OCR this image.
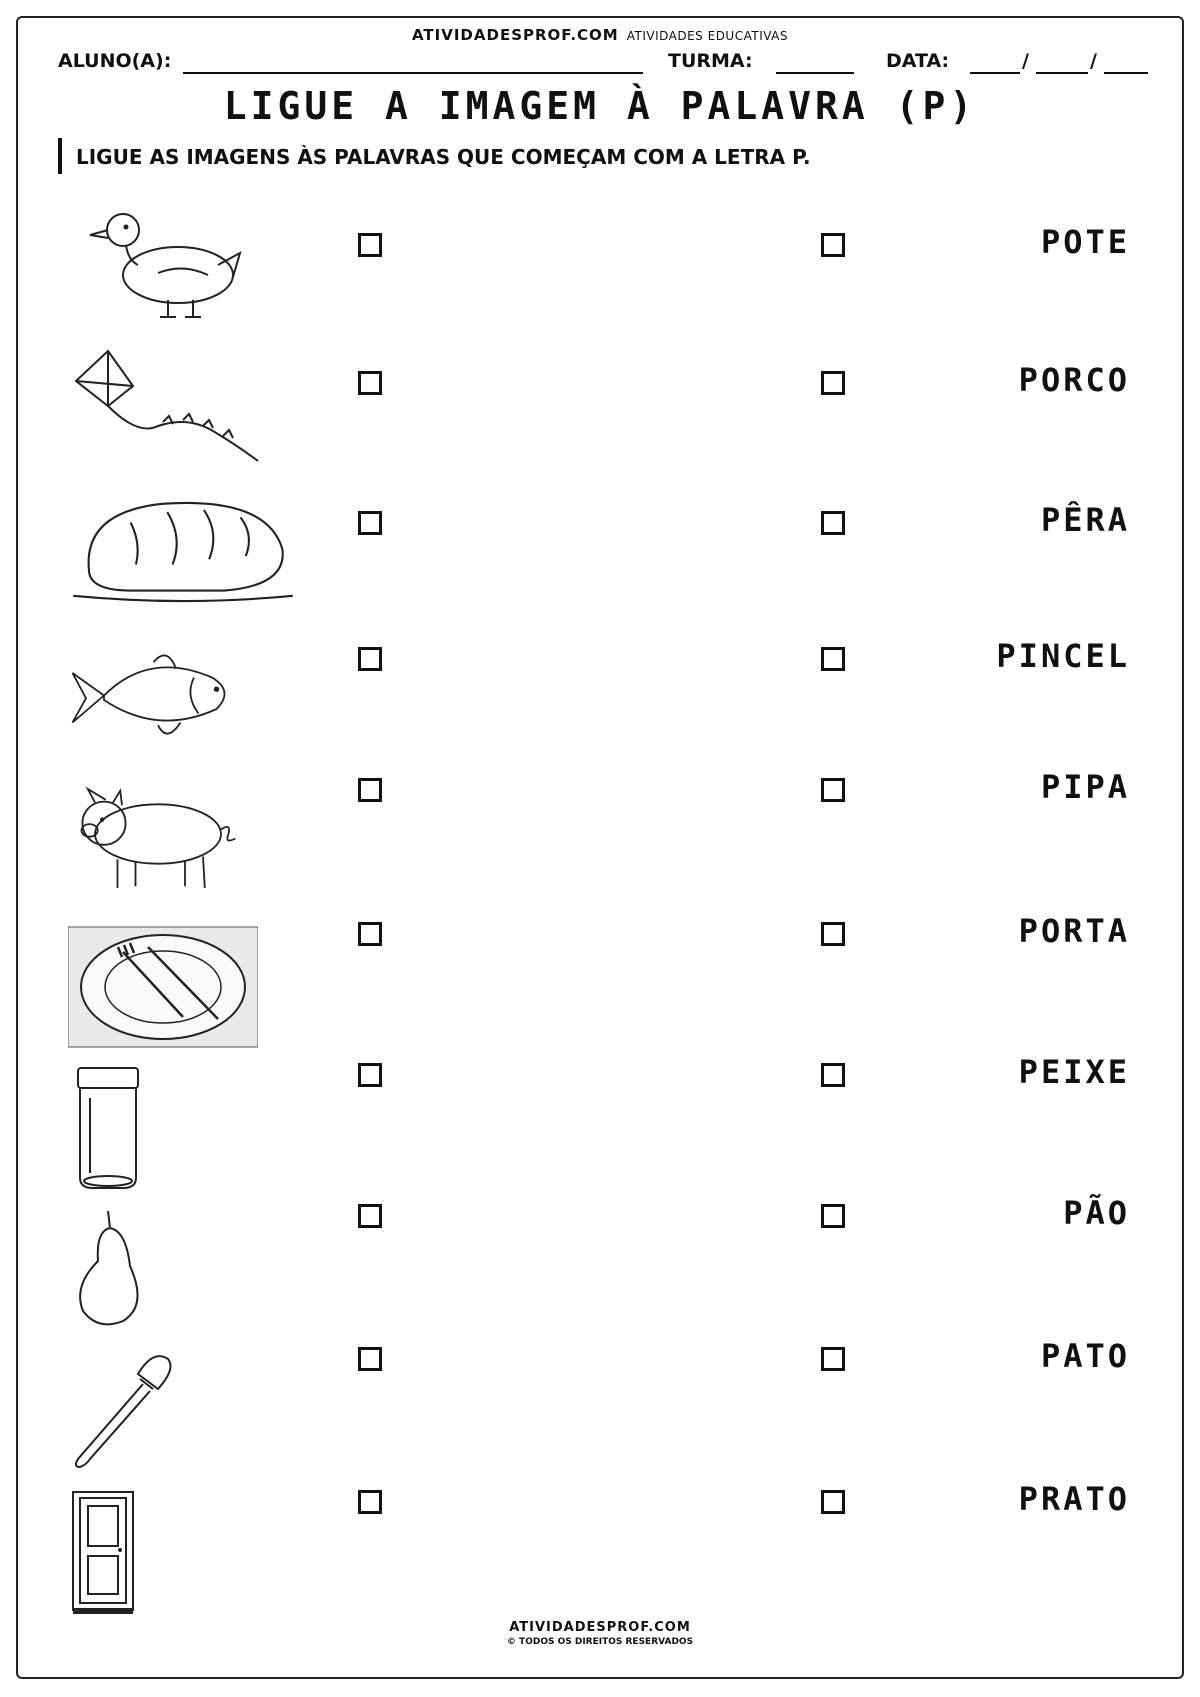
ATIVIDADESPROF.COM ATIVIDADES EDUCATIVAS
ALUNO(A):	TURMA:	DATA:	/	/
LIGUE A IMAGEM À PALAVRA (P)
LIGUE AS IMAGENS ÀS PALAVRAS QUE COMEÇAM COM A LETRA P.
POTE
PORCO
PÊRA
PINCEL
PIPA
PORTA
PEIXE
PÃO
PATO
PRATO
ATIVIDADESPROF.COM
© TODOS OS DIREITOS RESERVADOS
